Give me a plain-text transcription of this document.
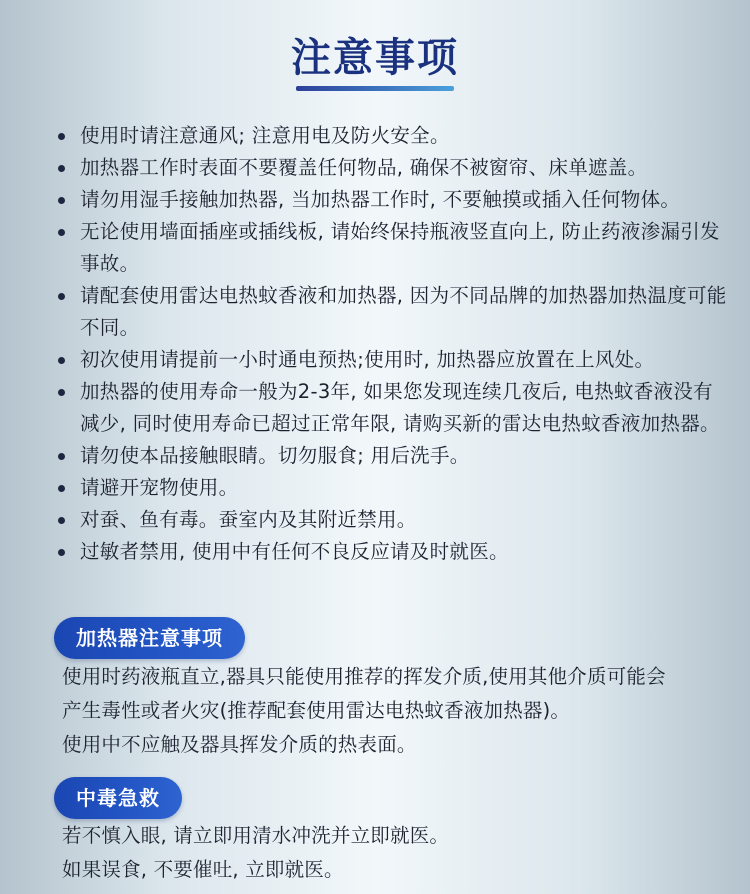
注意事项
使用时请注意通风; 注意用电及防火安全。
加热器工作时表面不要覆盖任何物品, 确保不被窗帘、床单遮盖。
请勿用湿手接触加热器, 当加热器工作时, 不要触摸或插入任何物体。
无论使用墙面插座或插线板, 请始终保持瓶液竖直向上, 防止药液渗漏引发事故。
请配套使用雷达电热蚊香液和加热器, 因为不同品牌的加热器加热温度可能不同。
初次使用请提前一小时通电预热;使用时, 加热器应放置在上风处。
加热器的使用寿命一般为2-3年, 如果您发现连续几夜后, 电热蚊香液没有减少, 同时使用寿命已超过正常年限, 请购买新的雷达电热蚊香液加热器。
请勿使本品接触眼睛。切勿服食; 用后洗手。
请避开宠物使用。
对蚕、鱼有毒。蚕室内及其附近禁用。
过敏者禁用, 使用中有任何不良反应请及时就医。
加热器注意事项
使用时药液瓶直立,器具只能使用推荐的挥发介质,使用其他介质可能会
产生毒性或者火灾(推荐配套使用雷达电热蚊香液加热器)。
使用中不应触及器具挥发介质的热表面。
中毒急救
若不慎入眼, 请立即用清水冲洗并立即就医。
如果误食, 不要催吐, 立即就医。
